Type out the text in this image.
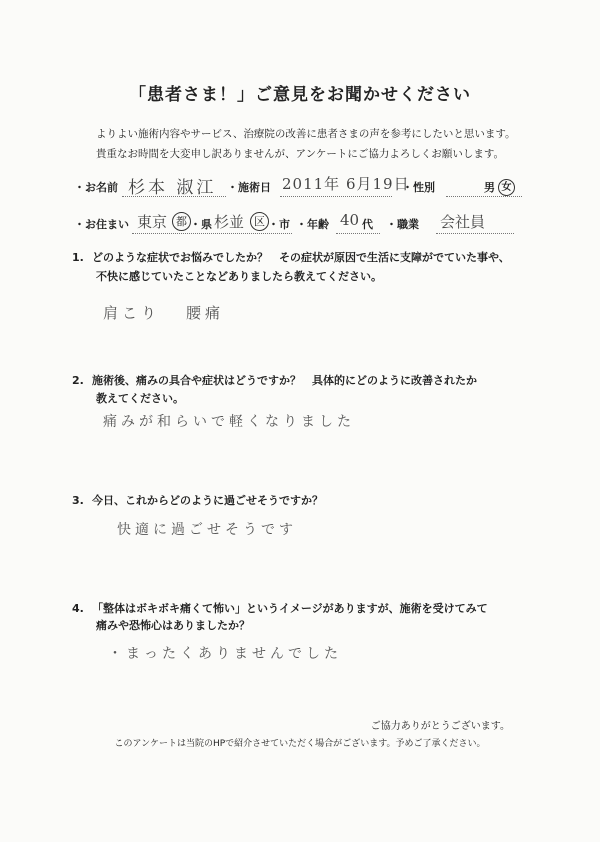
「患者さま！」ご意見をお聞かせください
よりよい施術内容やサービス、治療院の改善に患者さまの声を参考にしたいと思います。
貴重なお時間を大変申し訳ありませんが、アンケートにご協力よろしくお願いします。
・ お名前 杉本 淑江	・ 施術日 2011年 6月19日 ・ 性別	男 女
・ お住まい 東京 都 ・県 杉並 区 ・市	・ 年齢 40 代	・ 職業 会社員
1. どのような症状でお悩みでしたか？　その症状が原因で生活に支障がでていた事や、
不快に感じていたことなどありましたら教えてください。
肩こり 腰痛
2. 施術後、痛みの具合や症状はどうですか？　具体的にどのように改善されたか
教えてください。
痛みが和らいで軽くなりました
3. 今日、これからどのように過ごせそうですか？
快適に過ごせそうです
4. 「整体はボキボキ痛くて怖い」というイメージがありますが、施術を受けてみて
痛みや恐怖心はありましたか？
・まったくありませんでした
ご協力ありがとうございます。
このアンケートは当院のHPで紹介させていただく場合がございます。予めご了承ください。
